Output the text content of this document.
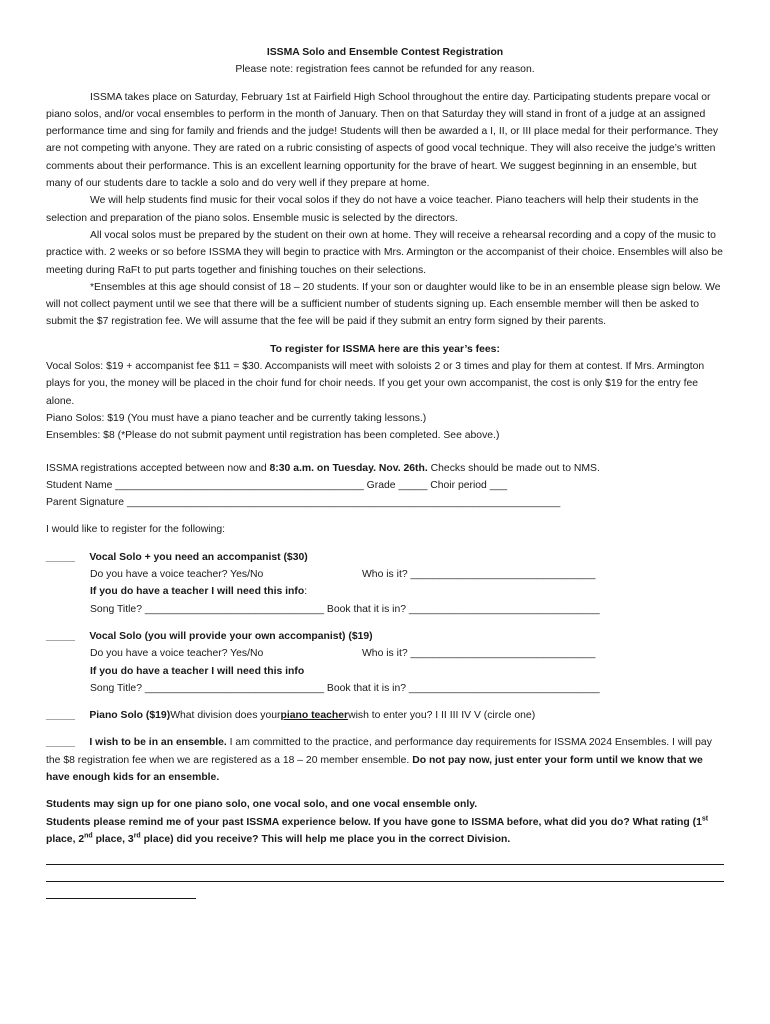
ISSMA Solo and Ensemble Contest Registration
Please note: registration fees cannot be refunded for any reason.

ISSMA takes place on Saturday, February 1st at Fairfield High School throughout the entire day. Participating students prepare vocal or piano solos, and/or vocal ensembles to perform in the month of January. Then on that Saturday they will stand in front of a judge at an assigned performance time and sing for family and friends and the judge! Students will then be awarded a I, II, or III place medal for their performance. They are not competing with anyone. They are rated on a rubric consisting of aspects of good vocal technique. They will also receive the judge’s written comments about their performance. This is an excellent learning opportunity for the brave of heart. We suggest beginning in an ensemble, but many of our students dare to tackle a solo and do very well if they prepare at home.

We will help students find music for their vocal solos if they do not have a voice teacher. Piano teachers will help their students in the selection and preparation of the piano solos. Ensemble music is selected by the directors.

All vocal solos must be prepared by the student on their own at home. They will receive a rehearsal recording and a copy of the music to practice with. 2 weeks or so before ISSMA they will begin to practice with Mrs. Armington or the accompanist of their choice. Ensembles will also be meeting during RaFt to put parts together and finishing touches on their selections.

*Ensembles at this age should consist of 18 – 20 students. If your son or daughter would like to be in an ensemble please sign below. We will not collect payment until we see that there will be a sufficient number of students signing up. Each ensemble member will then be asked to submit the $7 registration fee. We will assume that the fee will be paid if they submit an entry form signed by their parents.

To register for ISSMA here are this year’s fees:

Vocal Solos: $19 + accompanist fee $11 = $30. Accompanists will meet with soloists 2 or 3 times and play for them at contest. If Mrs. Armington plays for you, the money will be placed in the choir fund for choir needs. If you get your own accompanist, the cost is only $19 for the entry fee alone.

Piano Solos: $19 (You must have a piano teacher and be currently taking lessons.)

Ensembles: $8 (*Please do not submit payment until registration has been completed. See above.)

ISSMA registrations accepted between now and 8:30 a.m. on Tuesday. Nov. 26th. Checks should be made out to NMS.

Student Name ___________________________________________ Grade _____ Choir period ___
Parent Signature ___________________________________________________________________________

I would like to register for the following:

_____
Vocal Solo + you need an accompanist ($30)
Do you have a voice teacher? Yes/No	Who is it? ________________________________
If you do have a teacher I will need this info :
Song Title? _______________________________
Book that it is in? _________________________________
_____
Vocal Solo (you will provide your own accompanist) ($19)
Do you have a voice teacher? Yes/No	Who is it? ________________________________
If you do have a teacher I will need this info
Song Title? _______________________________
Book that it is in? _________________________________
_____
Piano Solo ($19) What division does your piano teacher wish to enter you? I II III IV V (circle one)

_____ I wish to be in an ensemble. I am committed to the practice, and performance day requirements for ISSMA 2024 Ensembles. I will pay the $8 registration fee when we are registered as a 18 – 20 member ensemble. Do not pay now, just enter your form until we know that we have enough kids for an ensemble.

Students may sign up for one piano solo, one vocal solo, and one vocal ensemble only.

Students please remind me of your past ISSMA experience below. If you have gone to ISSMA before, what did you do? What rating (1st place, 2nd place, 3rd place) did you receive? This will help me place you in the correct Division.
